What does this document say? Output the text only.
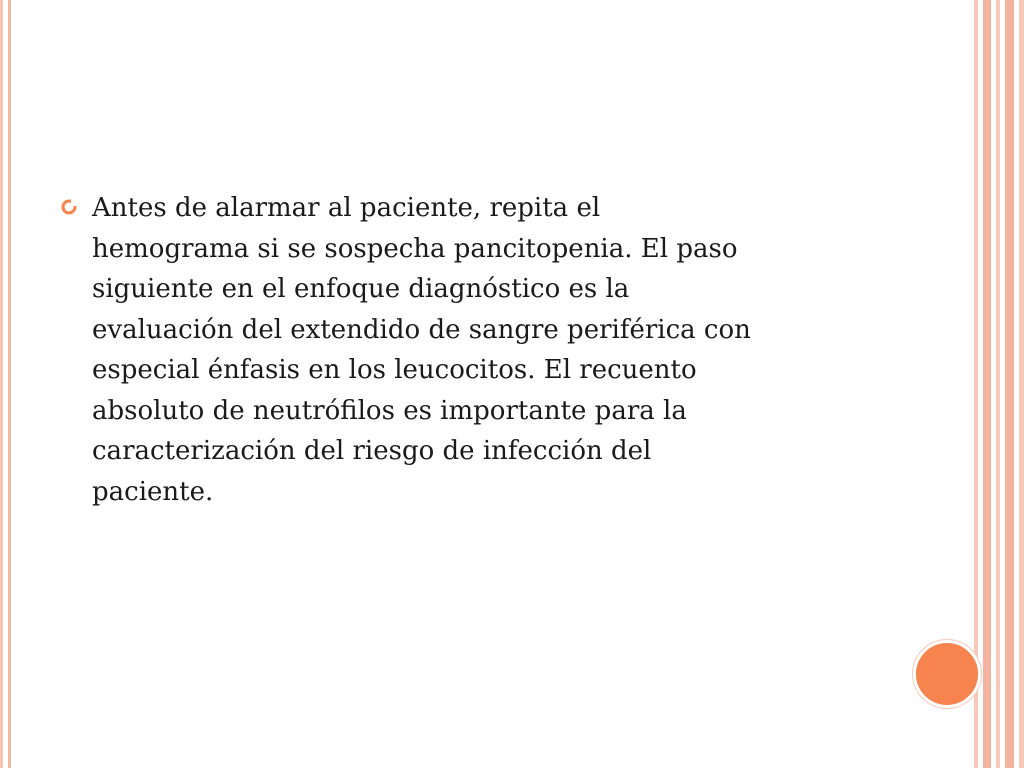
Antes de alarmar al paciente, repita el
hemograma si se sospecha pancitopenia. El paso
siguiente en el enfoque diagnóstico es la
evaluación del extendido de sangre periférica con
especial énfasis en los leucocitos. El recuento
absoluto de neutrófilos es importante para la
caracterización del riesgo de infección del
paciente.
